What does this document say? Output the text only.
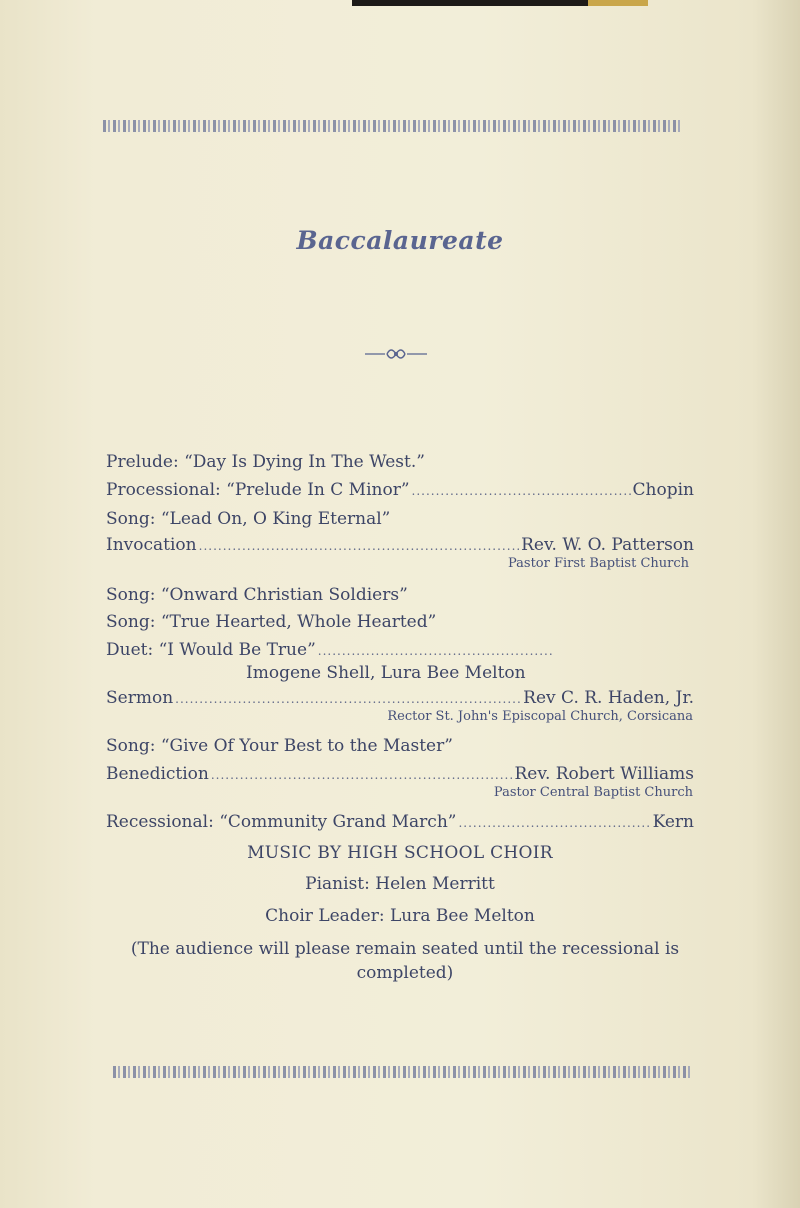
Baccalaureate
Prelude: “Day Is Dying In The West.”
Processional: “Prelude In C Minor” .....	Chopin
Song: “Lead On, O King Eternal”
Invocation .....	Rev. W. O. Patterson
Pastor First Baptist Church
Song: “Onward Christian Soldiers”
Song: “True Hearted, Whole Hearted”
Duet: “I Would Be True”
.....
Imogene Shell, Lura Bee Melton
Sermon .....	Rev C. R. Haden, Jr.
Rector St. John's Episcopal Church, Corsicana
Song: “Give Of Your Best to the Master”
Benediction .....	Rev. Robert Williams
Pastor Central Baptist Church
Recessional: “Community Grand March” .....	Kern
MUSIC BY HIGH SCHOOL CHOIR
Pianist: Helen Merritt
Choir Leader: Lura Bee Melton
(The audience will please remain seated until the recessional is completed)
